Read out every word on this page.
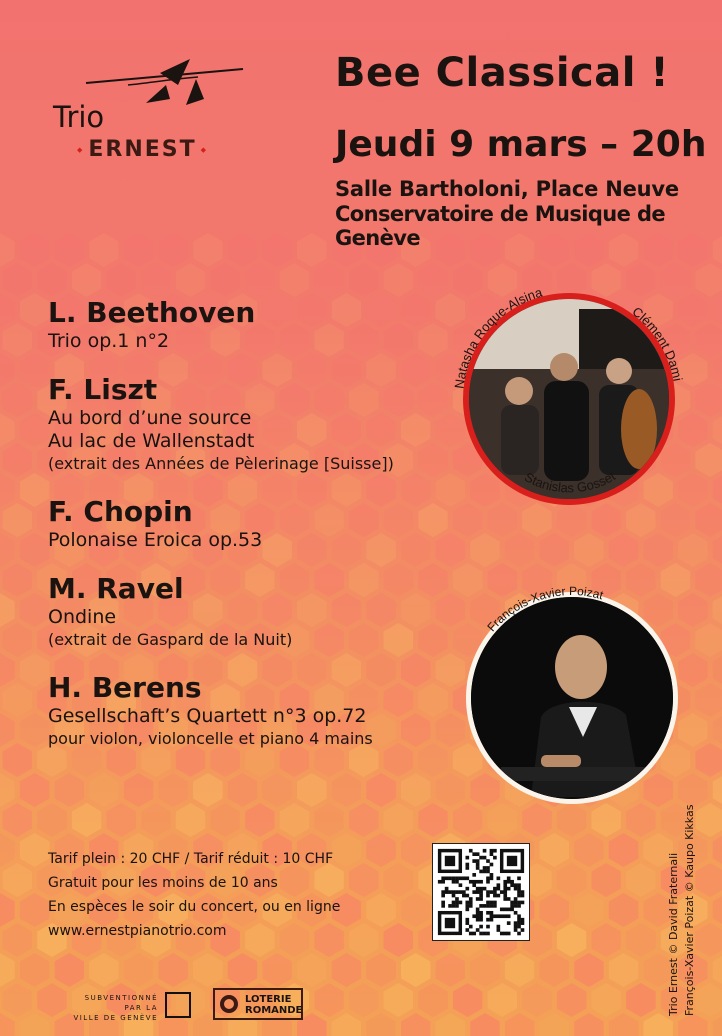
Trio
◆ ERNEST ◆
Bee Classical !
Jeudi 9 mars – 20h
Salle Bartholoni, Place Neuve
Conservatoire de Musique de Genève
L. Beethoven
Trio op.1 n°2
F. Liszt
Au bord d’une source
Au lac de Wallenstadt
(extrait des Années de Pèlerinage [Suisse])
F. Chopin
Polonaise Eroica op.53
M. Ravel
Ondine
(extrait de Gaspard de la Nuit)
H. Berens
Gesellschaft’s Quartett n°3 op.72
pour violon, violoncelle et piano 4 mains
Natasha Roque-Alsina
Clément Dami
Stanislas Gosset
François-Xavier Poizat
Tarif plein : 20 CHF / Tarif réduit : 10 CHF
Gratuit pour les moins de 10 ans
En espèces le soir du concert, ou en ligne
www.ernestpianotrio.com
SUBVENTIONNÉ
PAR LA
VILLE DE GENÈVE
LOTERIE
ROMANDE	Trio Ernest © David Fraternali François-Xavier Poizat © Kaupo Kikkas
